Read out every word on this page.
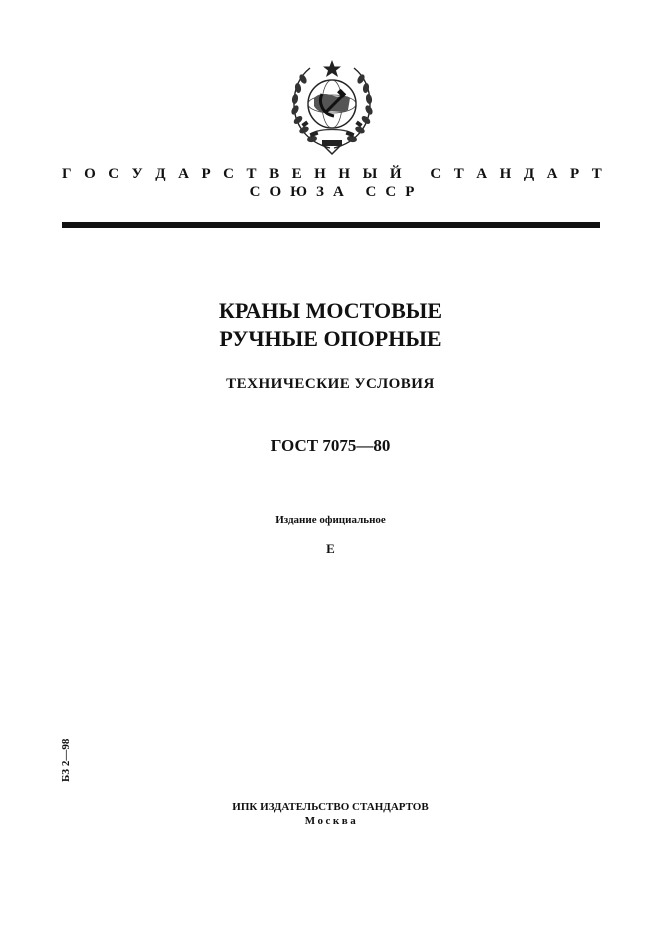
Г О С У Д А Р С Т В Е Н Н Ы Й
С Т А Н Д А Р Т
СОЮЗА ССР
КРАНЫ МОСТОВЫЕ
РУЧНЫЕ ОПОРНЫЕ
ТЕХНИЧЕСКИЕ УСЛОВИЯ
ГОСТ 7075—80
Издание официальное
Е
БЗ 2—98
ИПК ИЗДАТЕЛЬСТВО СТАНДАРТОВ
Москва
